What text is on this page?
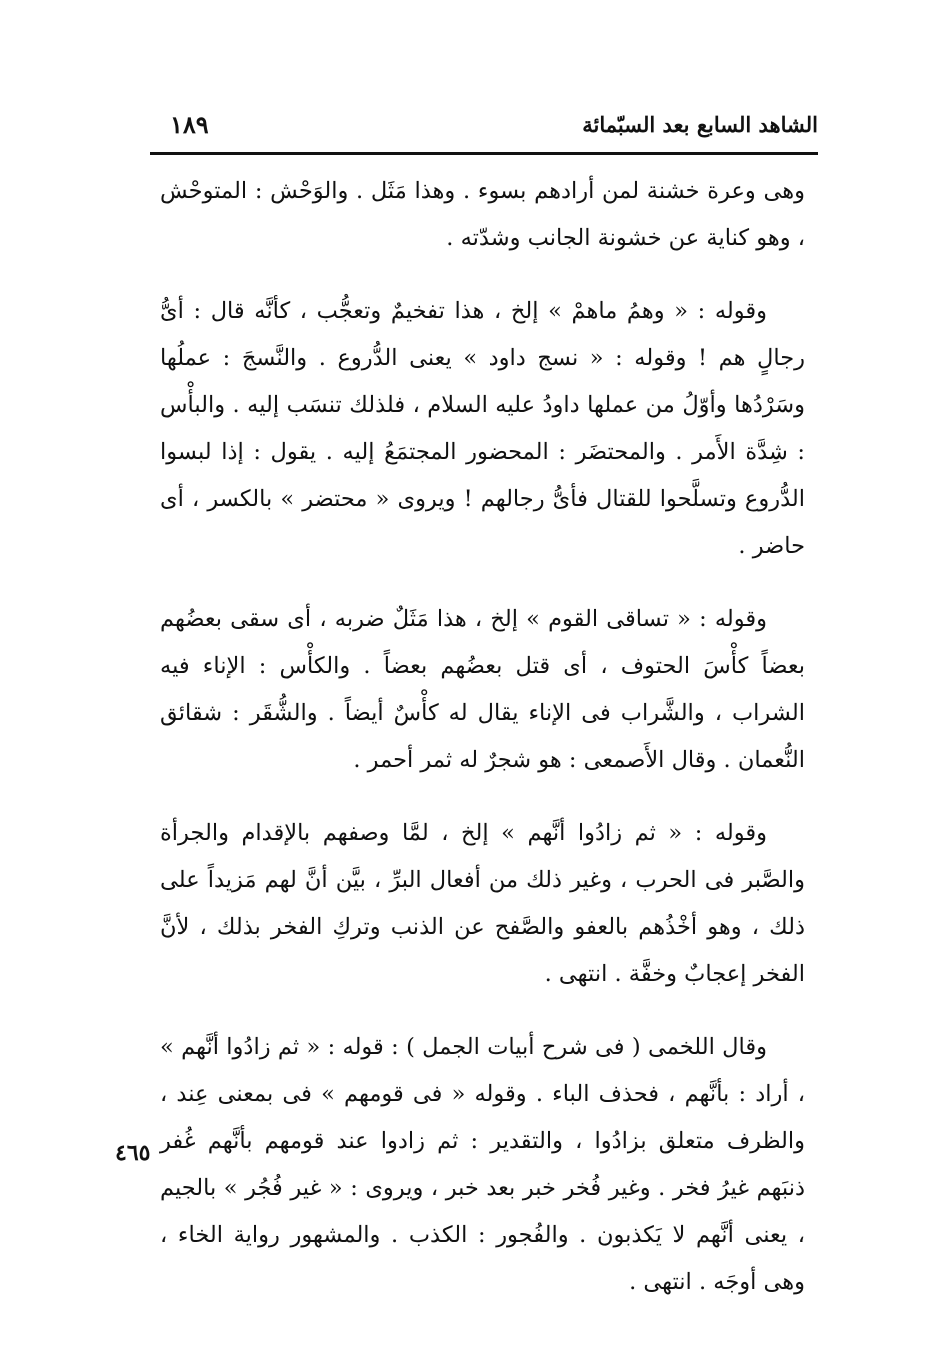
الشاهد السابع بعد السبّمائة
١٨٩

وهى وعرة خشنة لمن أرادهم بسوء . وهذا مَثَل . والوَحْش : المتوحْش ، وهو كناية عن خشونة الجانب وشدّته .

وقوله : « وهمُ ماهمْ » إلخ ، هذا تفخيمٌ وتعجُّب ، كأنَّه قال : أىُّ رجالٍ هم ! وقوله : « نسج داود » يعنى الدُّروع . والنَّسجَ : عملُها وسَرْدُها وأوّلُ من عملها داودُ عليه السلام ، فلذلك تنسَب إليه . والبأْس : شِدَّة الأَمر . والمحتضَر : المحضور المجتمَعُ إليه . يقول : إذا لبسوا الدُّروع وتسلَّحوا للقتال فأىُّ رجالهم ! ويروى « محتضر » بالكسر ، أى حاضر .

وقوله : « تساقى القوم » إلخ ، هذا مَثَلٌ ضربه ، أى سقى بعضُهم بعضاً كأْسَ الحتوف ، أى قتل بعضُهم بعضاً . والكأْس : الإناء فيه الشراب ، والشَّراب فى الإناء يقال له كأْسٌ أيضاً . والشُّقَر : شقائق النُّعمان . وقال الأَصمعى : هو شجرٌ له ثمر أحمر .

وقوله : « ثم زادُوا أنَّهم » إلخ ، لمَّا وصفهم بالإقدام والجرأة والصَّبر فى الحرب ، وغير ذلك من أفعال البرِّ ، بيَّن أنَّ لهم مَزيداً على ذلك ، وهو أخْذُهم بالعفو والصَّفح عن الذنب وتركِ الفخر بذلك ، لأنَّ الفخر إعجابٌ وخفَّة . انتهى .

وقال اللخمى ( فى شرح أبيات الجمل ) : قوله : « ثم زادُوا أنَّهم » ، أراد : بأنَّهم ، فحذف الباء . وقوله « فى قومهم » فى بمعنى عِند ، والظرف متعلق بزادُوا ، والتقدير : ثم زادوا عند قومهم بأنَّهم غُفر ذنبَهم غيرُ فخر . وغير فُخر خبر بعد خبر ، ويروى : « غير فُجُر » بالجيم ، يعنى أنَّهم لا يَكذبون . والفُجور : الكذب . والمشهور رواية الخاء ، وهى أوجَه . انتهى .

٤٦٥
